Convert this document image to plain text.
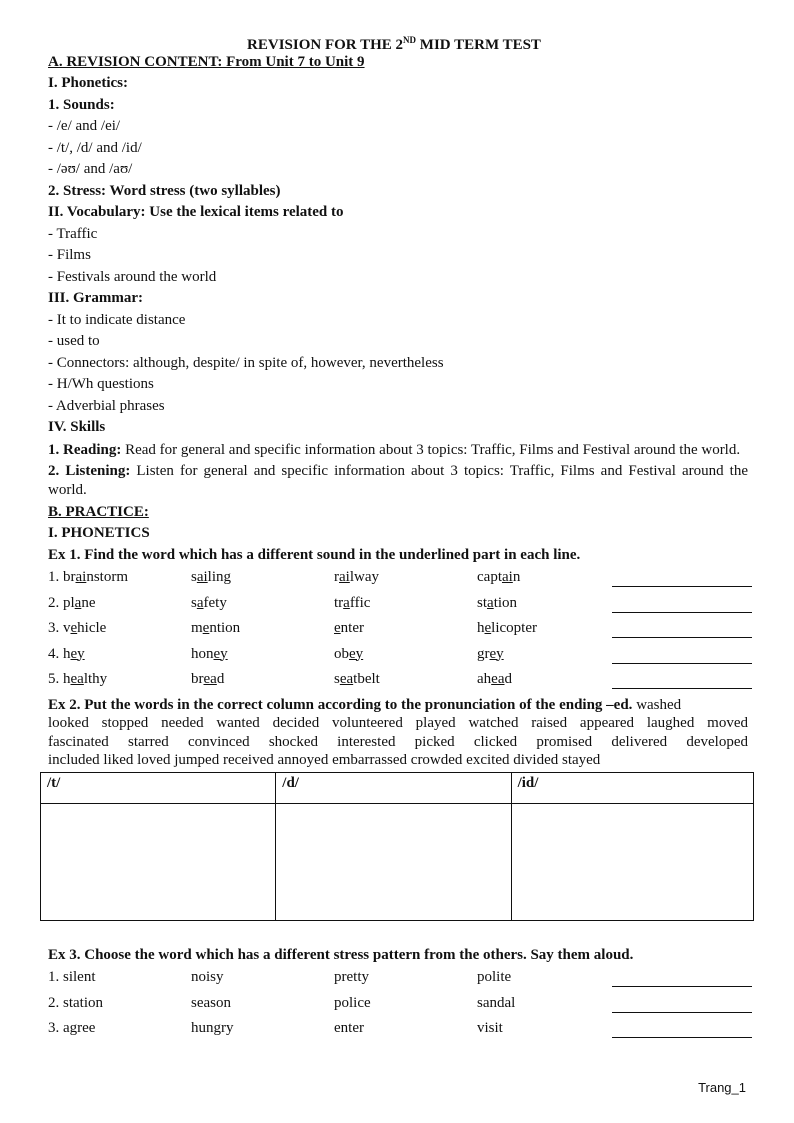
REVISION FOR THE 2ND MID TERM TEST
A. REVISION CONTENT: From Unit 7 to Unit 9
I. Phonetics:
1. Sounds:
- /e/ and /ei/
- /t/, /d/ and /id/
- /əʊ/ and /aʊ/
2. Stress: Word stress (two syllables)
II. Vocabulary: Use the lexical items related to
- Traffic
- Films
- Festivals around the world
III. Grammar:
- It to indicate distance
- used to
- Connectors: although, despite/ in spite of, however, nevertheless
- H/Wh questions
- Adverbial phrases
IV. Skills
1. Reading: Read for general and specific information about 3 topics: Traffic, Films and Festival around the world.
2. Listening: Listen for general and specific information about 3 topics: Traffic, Films and Festival around the world.
B. PRACTICE:
I. PHONETICS
Ex 1. Find the word which has a different sound in the underlined part in each line.
1. brainstorm	sailing	railway	captain
2. plane	safety	traffic	station
3. vehicle	mention	enter	helicopter
4. hey	honey	obey	grey
5. healthy	bread	seatbelt	ahead
Ex 2. Put the words in the correct column according to the pronunciation of the ending –ed. washed

looked stopped needed wanted decided volunteered played watched raised appeared laughed moved
fascinated starred convinced shocked interested picked clicked promised delivered developed
included liked loved jumped received annoyed embarrassed crowded excited divided stayed
/t/	/d/	/id/

Ex 3. Choose the word which has a different stress pattern from the others. Say them aloud.
1. silent	noisy	pretty	polite
2. station	season	police	sandal
3. agree	hungry	enter	visit
Trang_1
